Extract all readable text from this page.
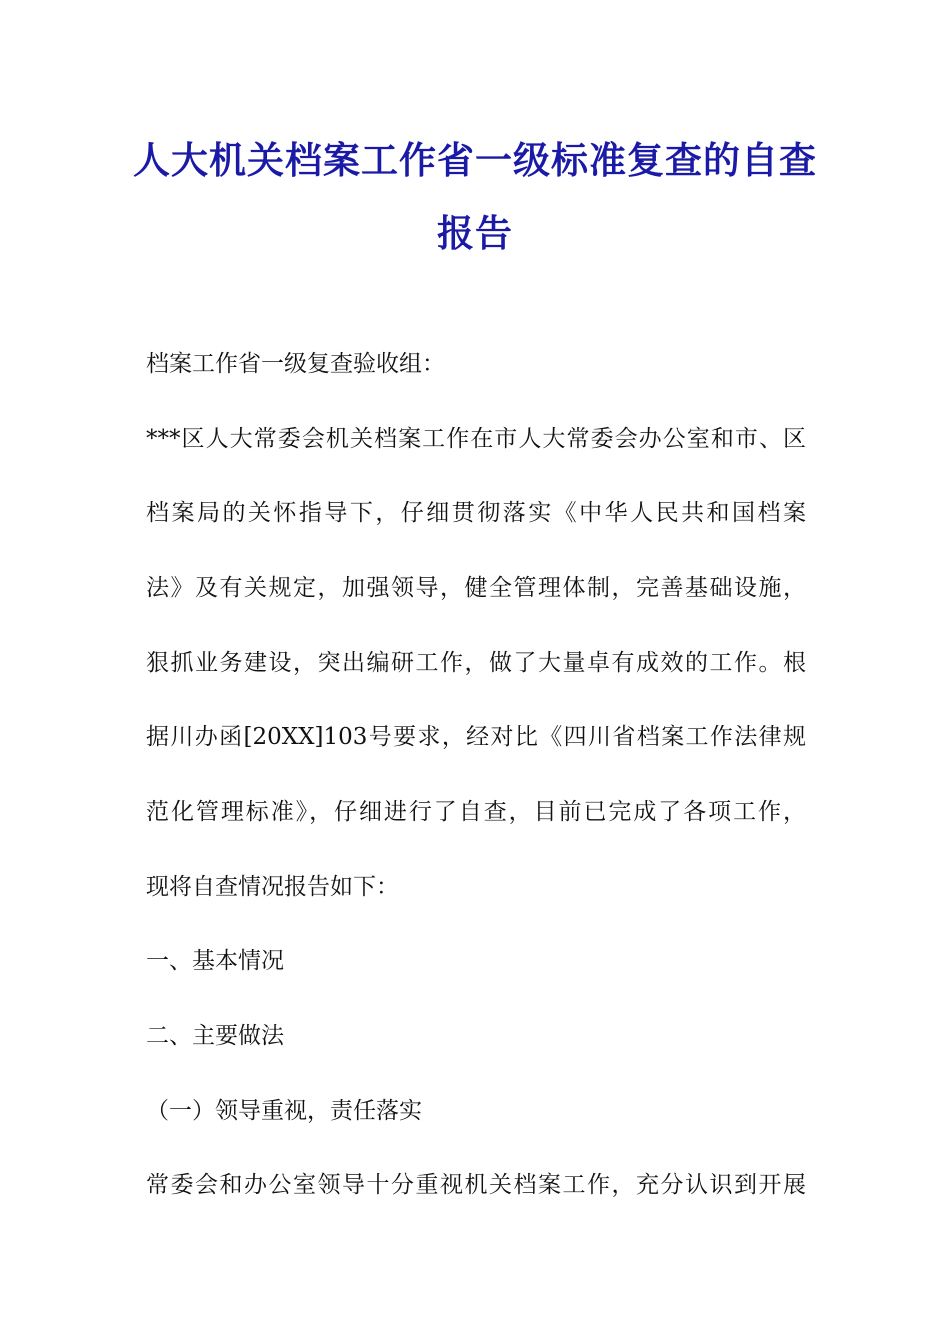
人大机关档案工作省一级标准复查的自查
报告

档案工作省一级复查验收组：

***区人大常委会机关档案工作在市人大常委会办公室和市、区

档案局的关怀指导下，仔细贯彻落实《中华人民共和国档案

法》及有关规定，加强领导，健全管理体制，完善基础设施，

狠抓业务建设，突出编研工作，做了大量卓有成效的工作。根

据川办函[20XX]103号要求，经对比《四川省档案工作法律规

范化管理标准》，仔细进行了自查，目前已完成了各项工作，

现将自查情况报告如下：

一、基本情况

二、主要做法

（一）领导重视，责任落实

常委会和办公室领导十分重视机关档案工作，充分认识到开展
